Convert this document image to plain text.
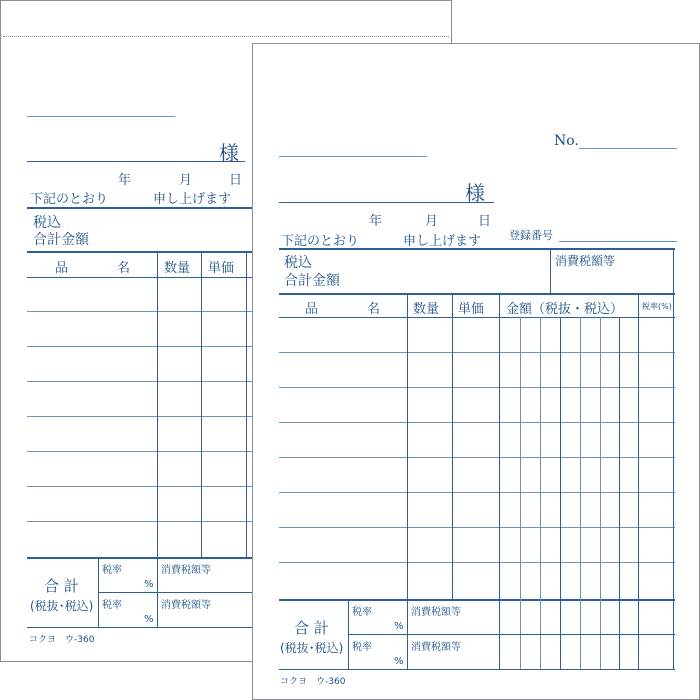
様
年	月	日
下記のとおり	申し上げます
税込
合計金額
品	名	数量 単価
合 計
(税抜･税込)
税率
%
消費税額等
税率
%
消費税額等
コクヨ　ウ-360
No.
様
年	月	日
下記のとおり	申し上げます	登録番号
税込
合計金額
消費税額等
品	名	数量 単価 金額（税抜・税込） 税率(%)
合 計
(税抜･税込)
税率
%
消費税額等
税率
%
消費税額等
コクヨ　ウ-360
